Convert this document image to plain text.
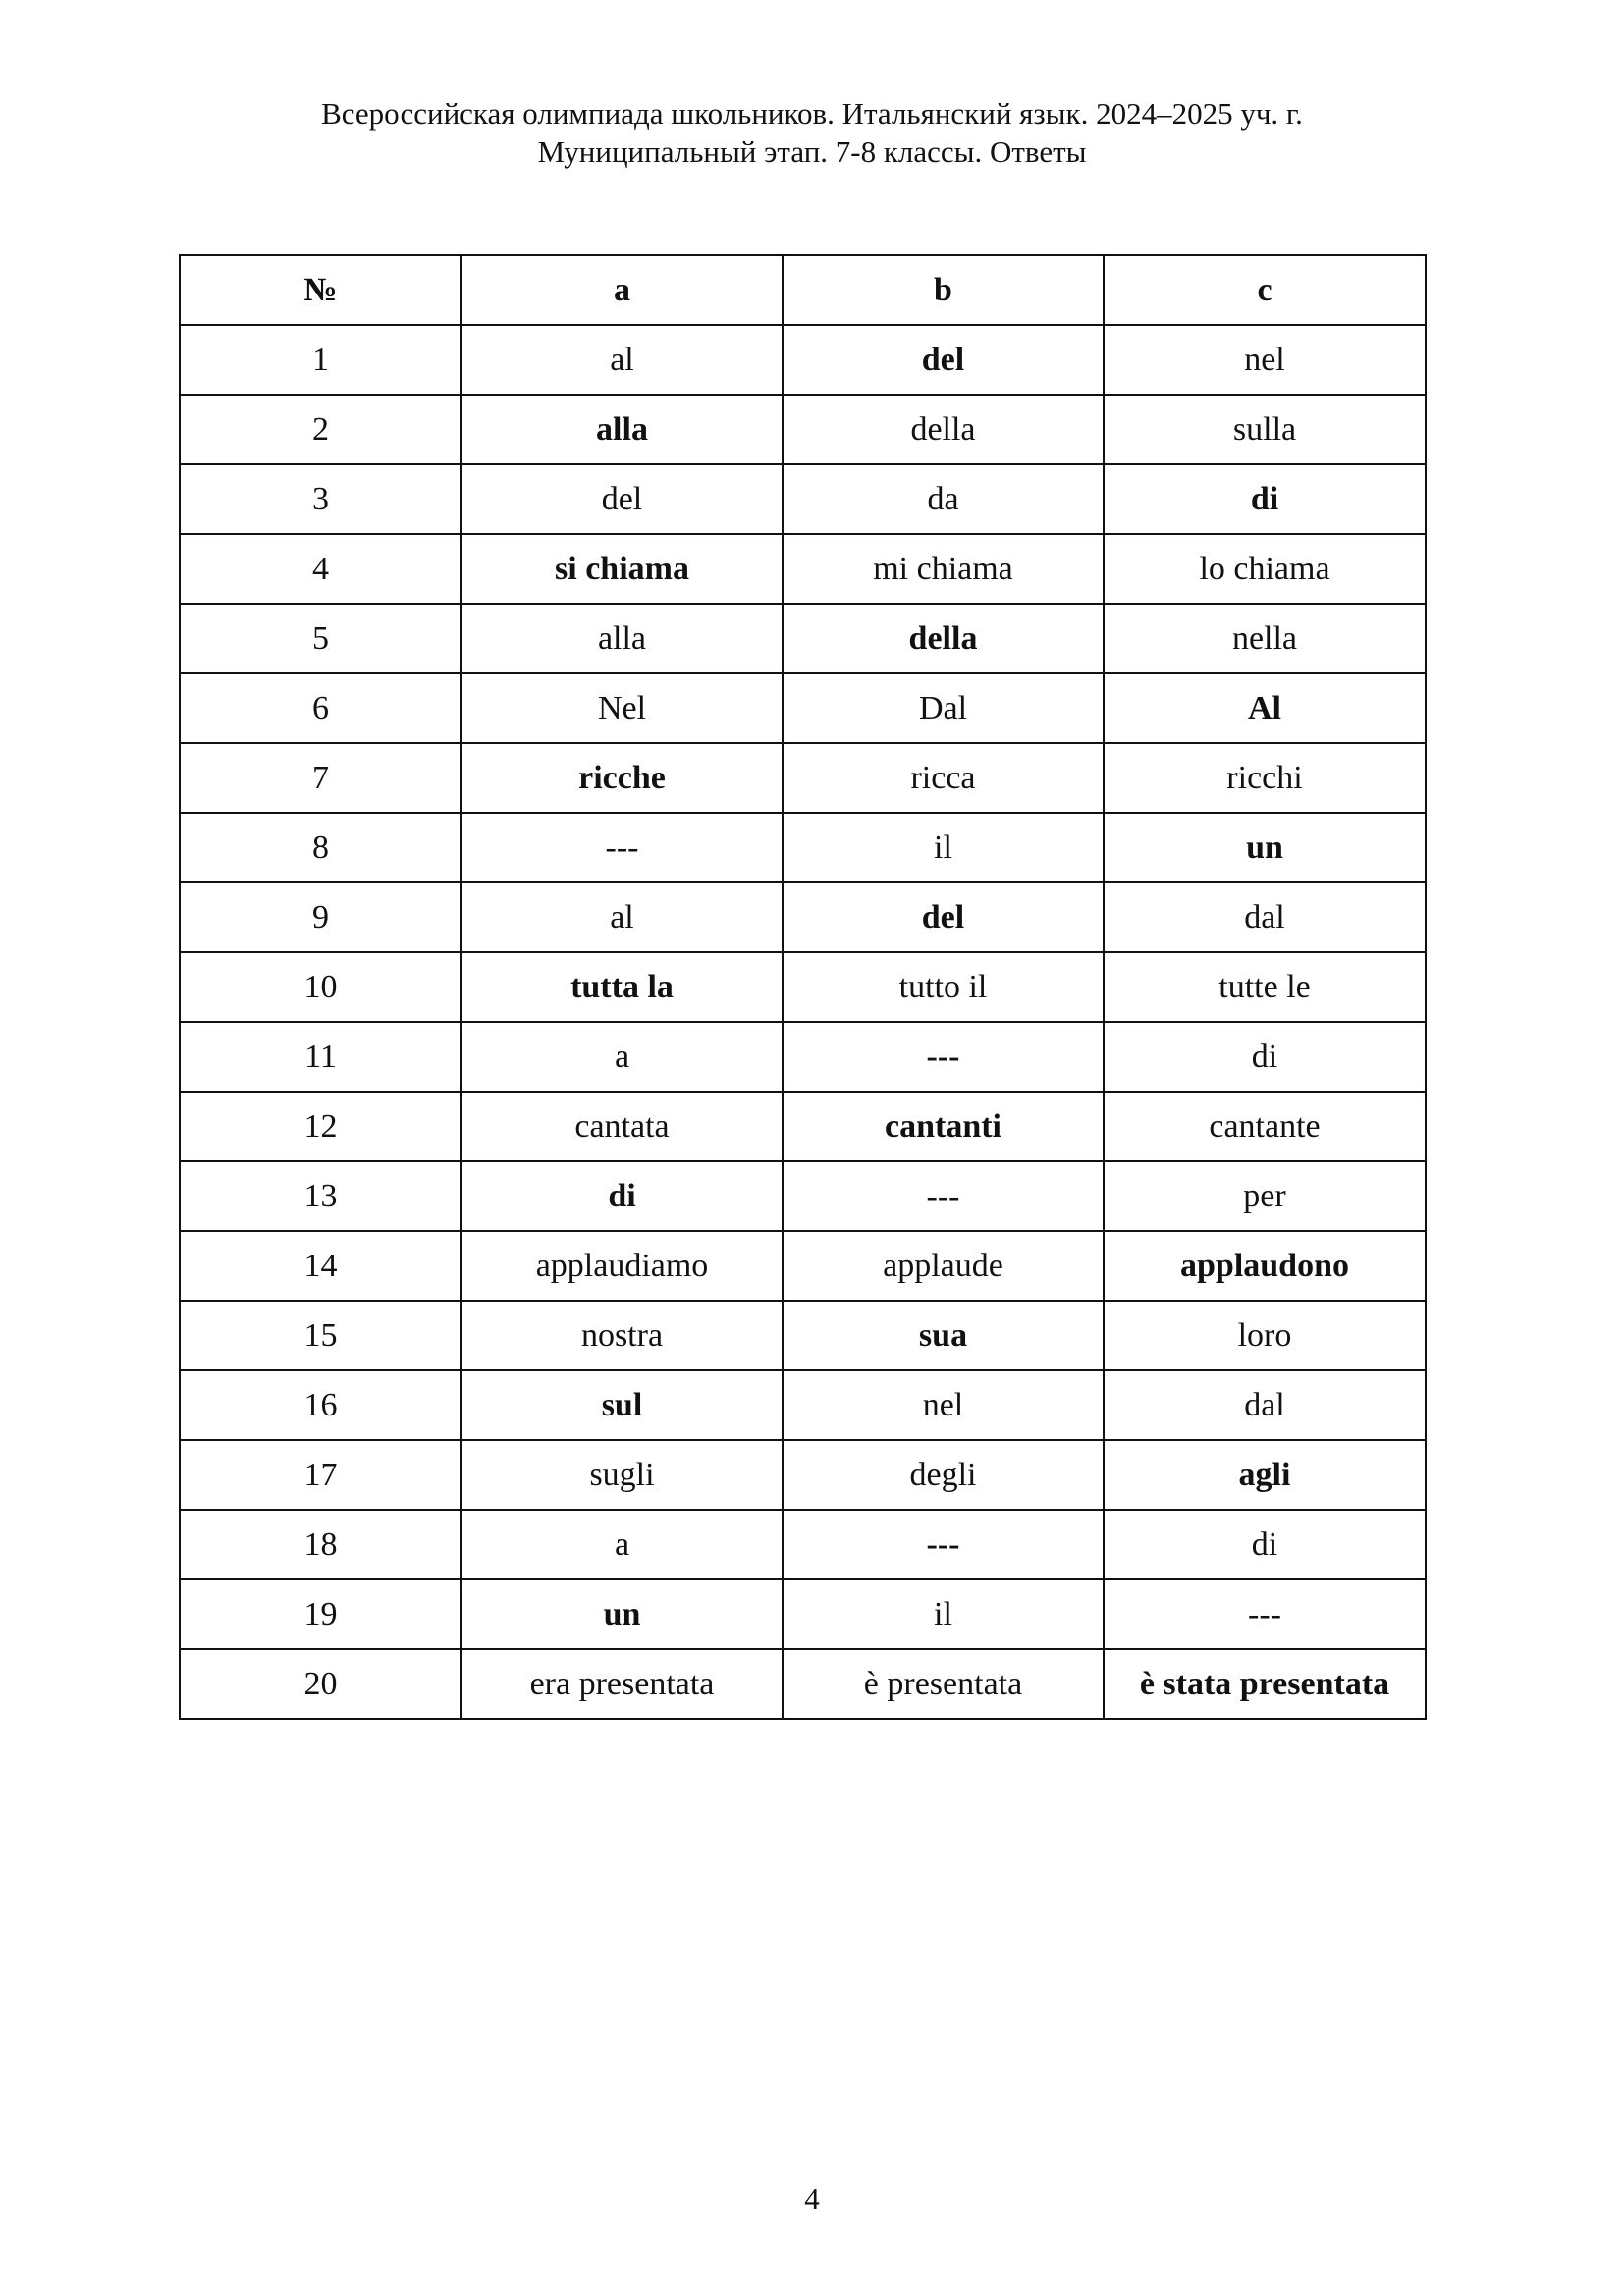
Всероссийская олимпиада школьников. Итальянский язык. 2024–2025 уч. г.
Муниципальный этап. 7-8 классы. Ответы
№	a	b	c
1	al	del	nel
2	alla	della	sulla
3	del	da	di
4	si chiama	mi chiama	lo chiama
5	alla	della	nella
6	Nel	Dal	Al
7	ricche	ricca	ricchi
8	---	il	un
9	al	del	dal
10	tutta la	tutto il	tutte le
11	a	---	di
12	cantata	cantanti	cantante
13	di	---	per
14	applaudiamo	applaude	applaudono
15	nostra	sua	loro
16	sul	nel	dal
17	sugli	degli	agli
18	a	---	di
19	un	il	---
20	era presentata	è presentata	è stata presentata
4
